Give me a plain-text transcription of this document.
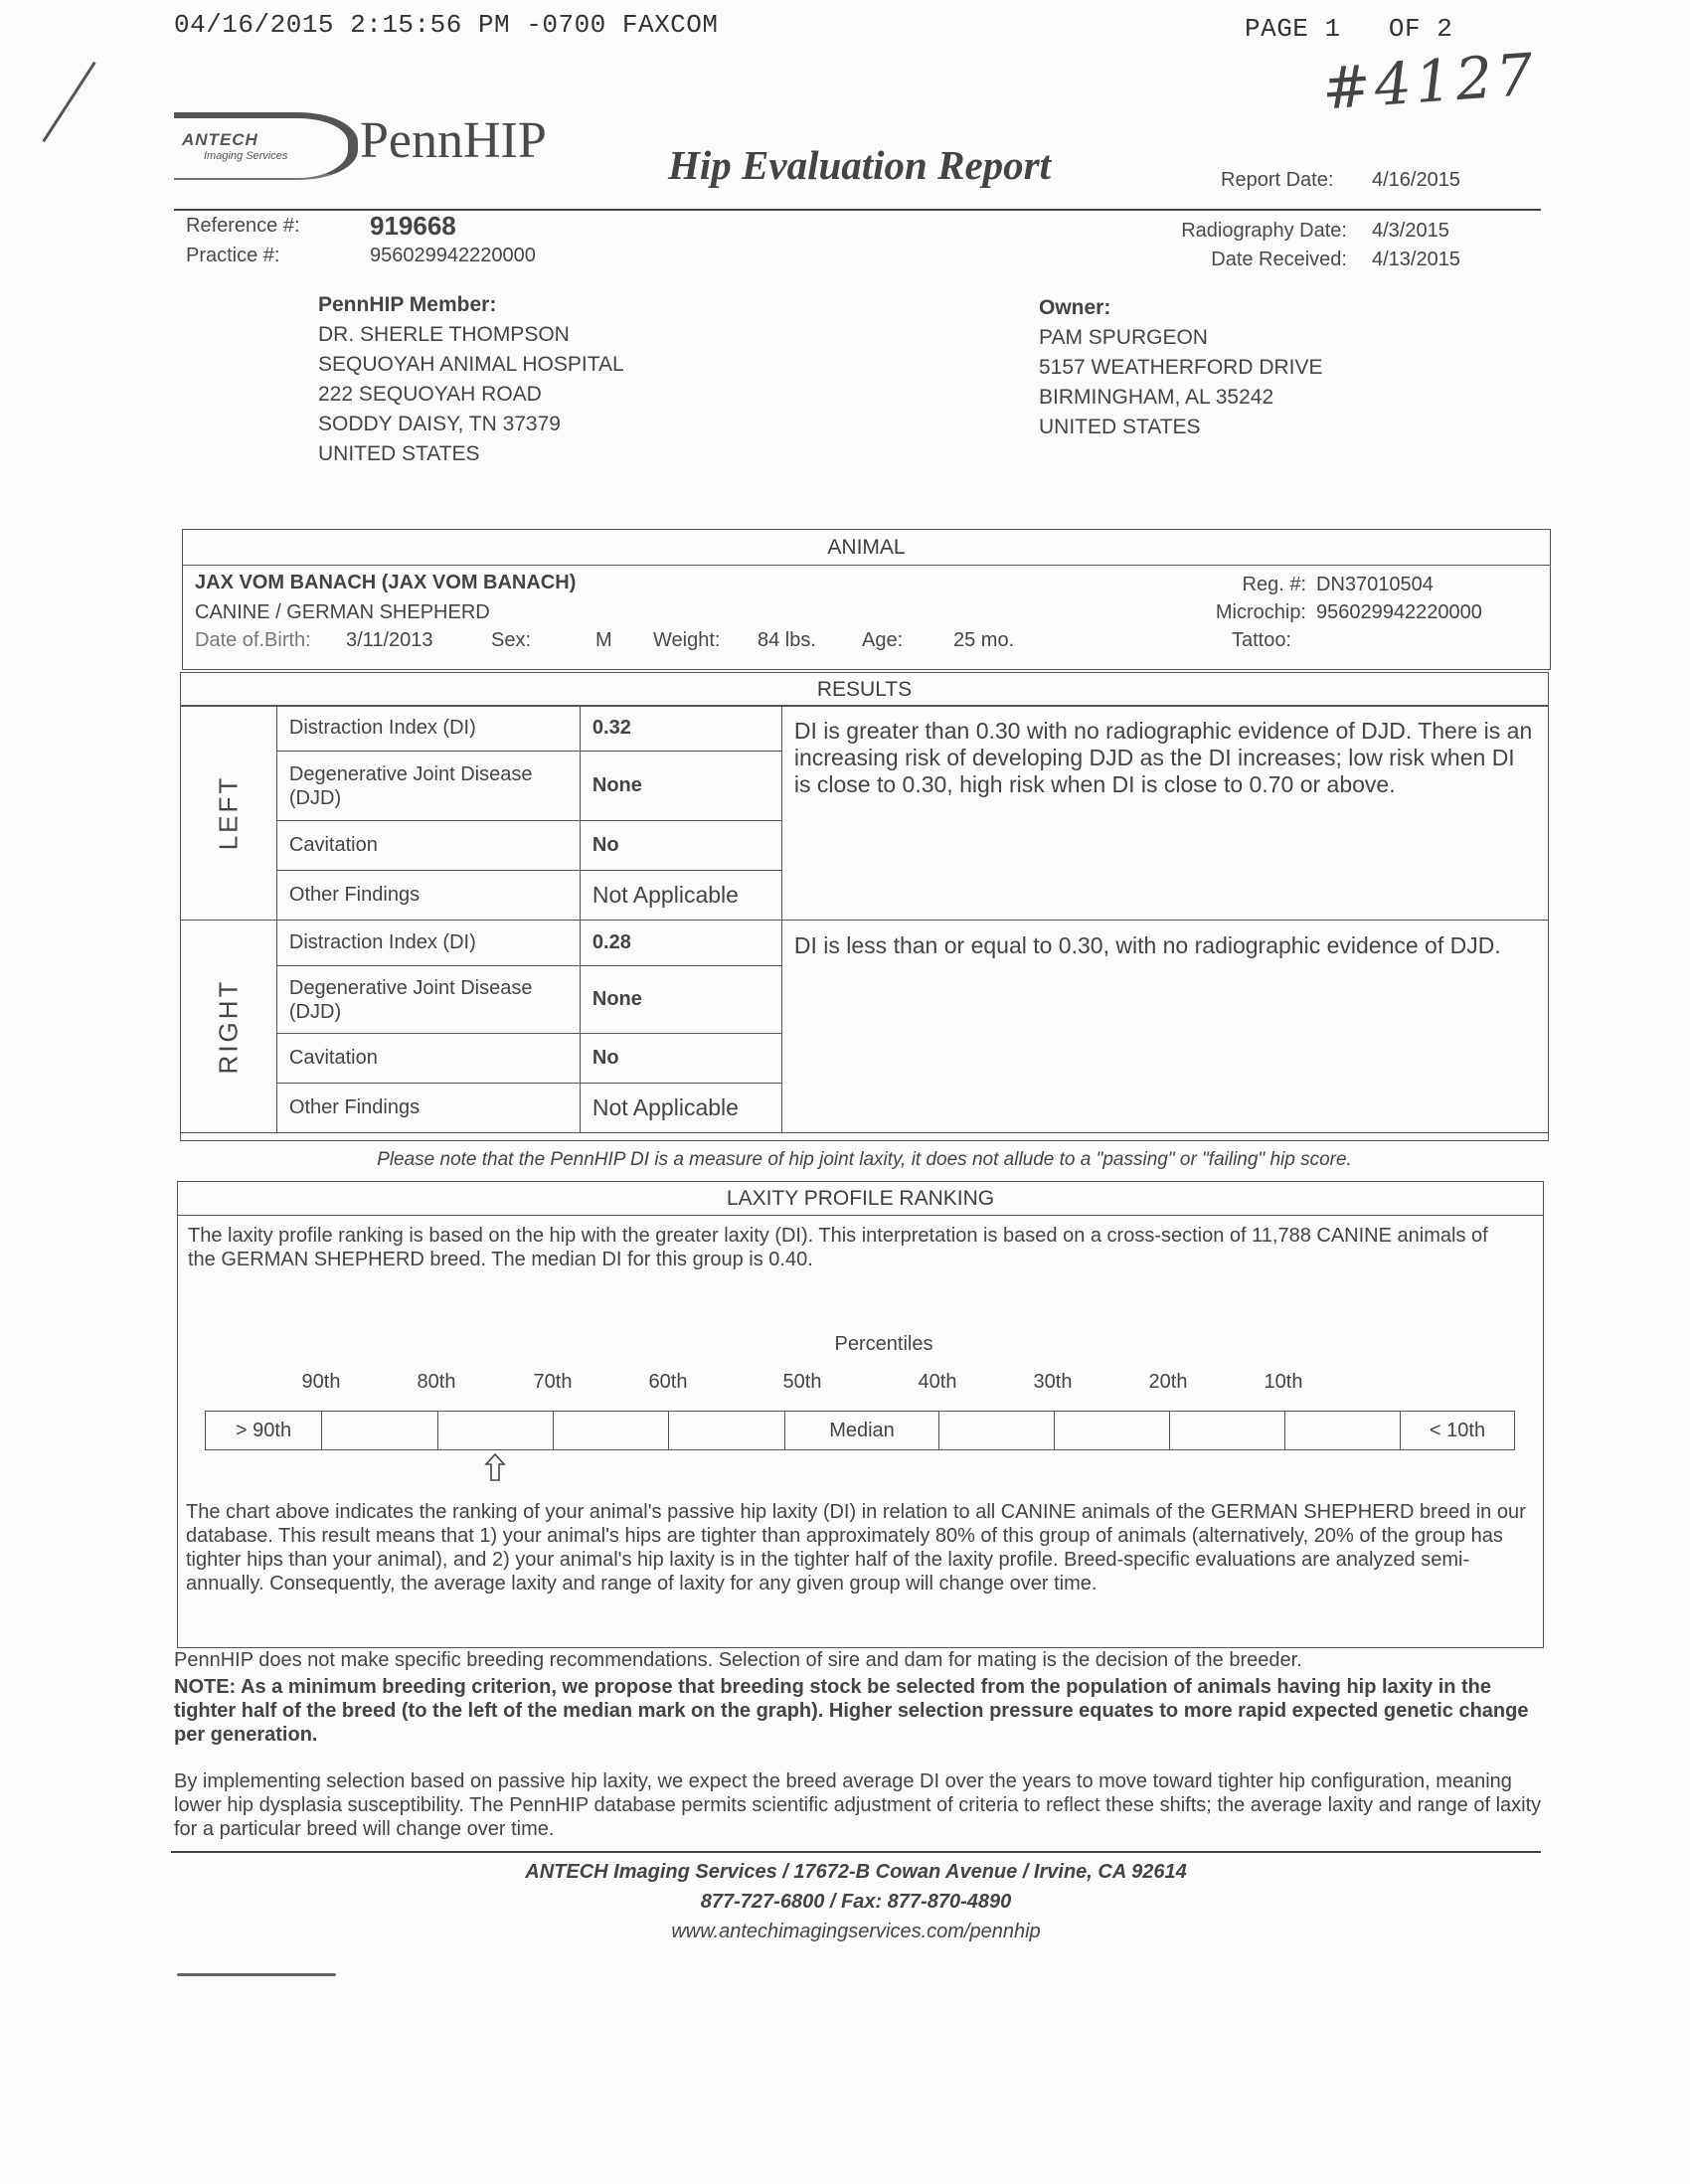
04/16/2015 2:15:56 PM -0700 FAXCOM	PAGE 1   OF 2
#4127
ANTECH
Imaging Services PennHIP	Hip Evaluation Report	Report Date: 4/16/2015
Reference #:	919668
Practice #:	956029942220000
Radiography Date: 4/3/2015
Date Received: 4/13/2015
PennHIP Member:
DR. SHERLE THOMPSON
SEQUOYAH ANIMAL HOSPITAL
222 SEQUOYAH ROAD
SODDY DAISY, TN 37379
UNITED STATES
Owner:
PAM SPURGEON
5157 WEATHERFORD DRIVE
BIRMINGHAM, AL 35242
UNITED STATES
ANIMAL
JAX VOM BANACH (JAX VOM BANACH)
CANINE / GERMAN SHEPHERD
Date of.Birth: 3/11/2013	Sex:	M Weight: 84 lbs. Age:	25 mo.
Reg. #: DN37010504
Microchip: 956029942220000
Tattoo:
RESULTS
LEFT	Distraction Index (DI)	0.32	DI is greater than 0.30 with no radiographic evidence of DJD. There is an increasing risk of developing DJD as the DI increases; low risk when DI is close to 0.30, high risk when DI is close to 0.70 or above.
	Degenerative Joint Disease (DJD)	None	
	Cavitation	No	
	Other Findings	Not Applicable	
RIGHT	Distraction Index (DI)	0.28	DI is less than or equal to 0.30, with no radiographic evidence of DJD.
	Degenerative Joint Disease (DJD)	None	
	Cavitation	No	
	Other Findings	Not Applicable	
Please note that the PennHIP DI is a measure of hip joint laxity, it does not allude to a "passing" or "failing" hip score.
LAXITY PROFILE RANKING
The laxity profile ranking is based on the hip with the greater laxity (DI). This interpretation is based on a cross-section of 11,788 CANINE animals of the GERMAN SHEPHERD breed. The median DI for this group is 0.40.
Percentiles
90th	80th	70th	60th	50th	40th	30th	20th	10th
> 90th	Median	< 10th
The chart above indicates the ranking of your animal's passive hip laxity (DI) in relation to all CANINE animals of the GERMAN SHEPHERD breed in our database. This result means that 1) your animal's hips are tighter than approximately 80% of this group of animals (alternatively, 20% of the group has tighter hips than your animal), and 2) your animal's hip laxity is in the tighter half of the laxity profile. Breed-specific evaluations are analyzed semi-annually. Consequently, the average laxity and range of laxity for any given group will change over time.
PennHIP does not make specific breeding recommendations. Selection of sire and dam for mating is the decision of the breeder.
NOTE: As a minimum breeding criterion, we propose that breeding stock be selected from the population of animals having hip laxity in the tighter half of the breed (to the left of the median mark on the graph). Higher selection pressure equates to more rapid expected genetic change per generation.
By implementing selection based on passive hip laxity, we expect the breed average DI over the years to move toward tighter hip configuration, meaning lower hip dysplasia susceptibility. The PennHIP database permits scientific adjustment of criteria to reflect these shifts; the average laxity and range of laxity for a particular breed will change over time.
ANTECH Imaging Services / 17672-B Cowan Avenue / Irvine, CA 92614
877-727-6800 / Fax: 877-870-4890
www.antechimagingservices.com/pennhip
